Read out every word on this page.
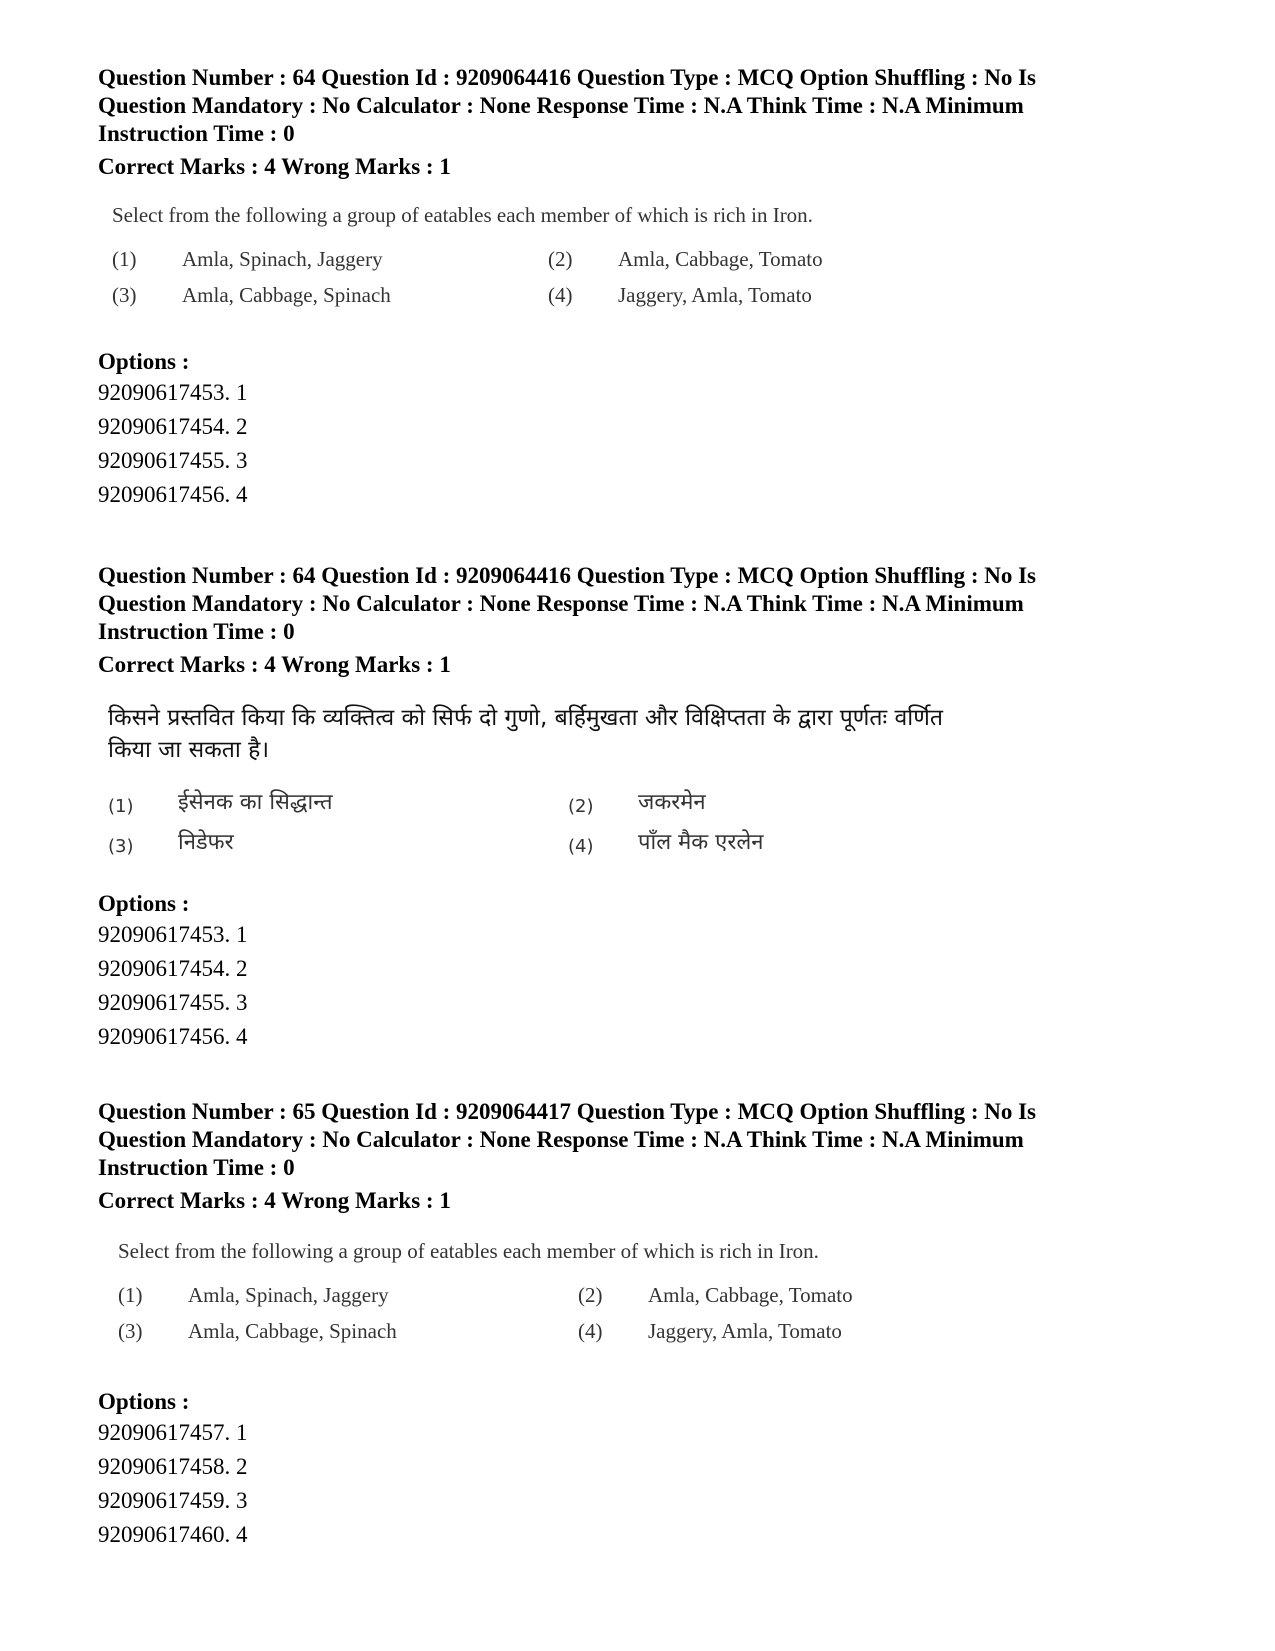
Question Number : 64 Question Id : 9209064416 Question Type : MCQ Option Shuffling : No Is

Question Mandatory : No Calculator : None Response Time : N.A Think Time : N.A Minimum

Instruction Time : 0

Correct Marks : 4 Wrong Marks : 1

Select from the following a group of eatables each member of which is rich in Iron.

(1) Amla, Spinach, Jaggery	(2) Amla, Cabbage, Tomato
(3) Amla, Cabbage, Spinach	(4) Jaggery, Amla, Tomato
Options :
92090617453. 1
92090617454. 2
92090617455. 3
92090617456. 4

Question Number : 64 Question Id : 9209064416 Question Type : MCQ Option Shuffling : No Is

Question Mandatory : No Calculator : None Response Time : N.A Think Time : N.A Minimum

Instruction Time : 0

Correct Marks : 4 Wrong Marks : 1

किसने प्रस्तवित किया कि व्यक्तित्व को सिर्फ दो गुणो, बर्हिमुखता और विक्षिप्तता के द्वारा पूर्णतः वर्णित

किया जा सकता है।

(1) ईसेनक का सिद्धान्त	(2) जकरमेन
(3) निडेफर	(4) पाँल मैक एरलेन
Options :
92090617453. 1
92090617454. 2
92090617455. 3
92090617456. 4

Question Number : 65 Question Id : 9209064417 Question Type : MCQ Option Shuffling : No Is

Question Mandatory : No Calculator : None Response Time : N.A Think Time : N.A Minimum

Instruction Time : 0

Correct Marks : 4 Wrong Marks : 1

Select from the following a group of eatables each member of which is rich in Iron.

(1) Amla, Spinach, Jaggery	(2) Amla, Cabbage, Tomato
(3) Amla, Cabbage, Spinach	(4) Jaggery, Amla, Tomato
Options :
92090617457. 1
92090617458. 2
92090617459. 3
92090617460. 4
